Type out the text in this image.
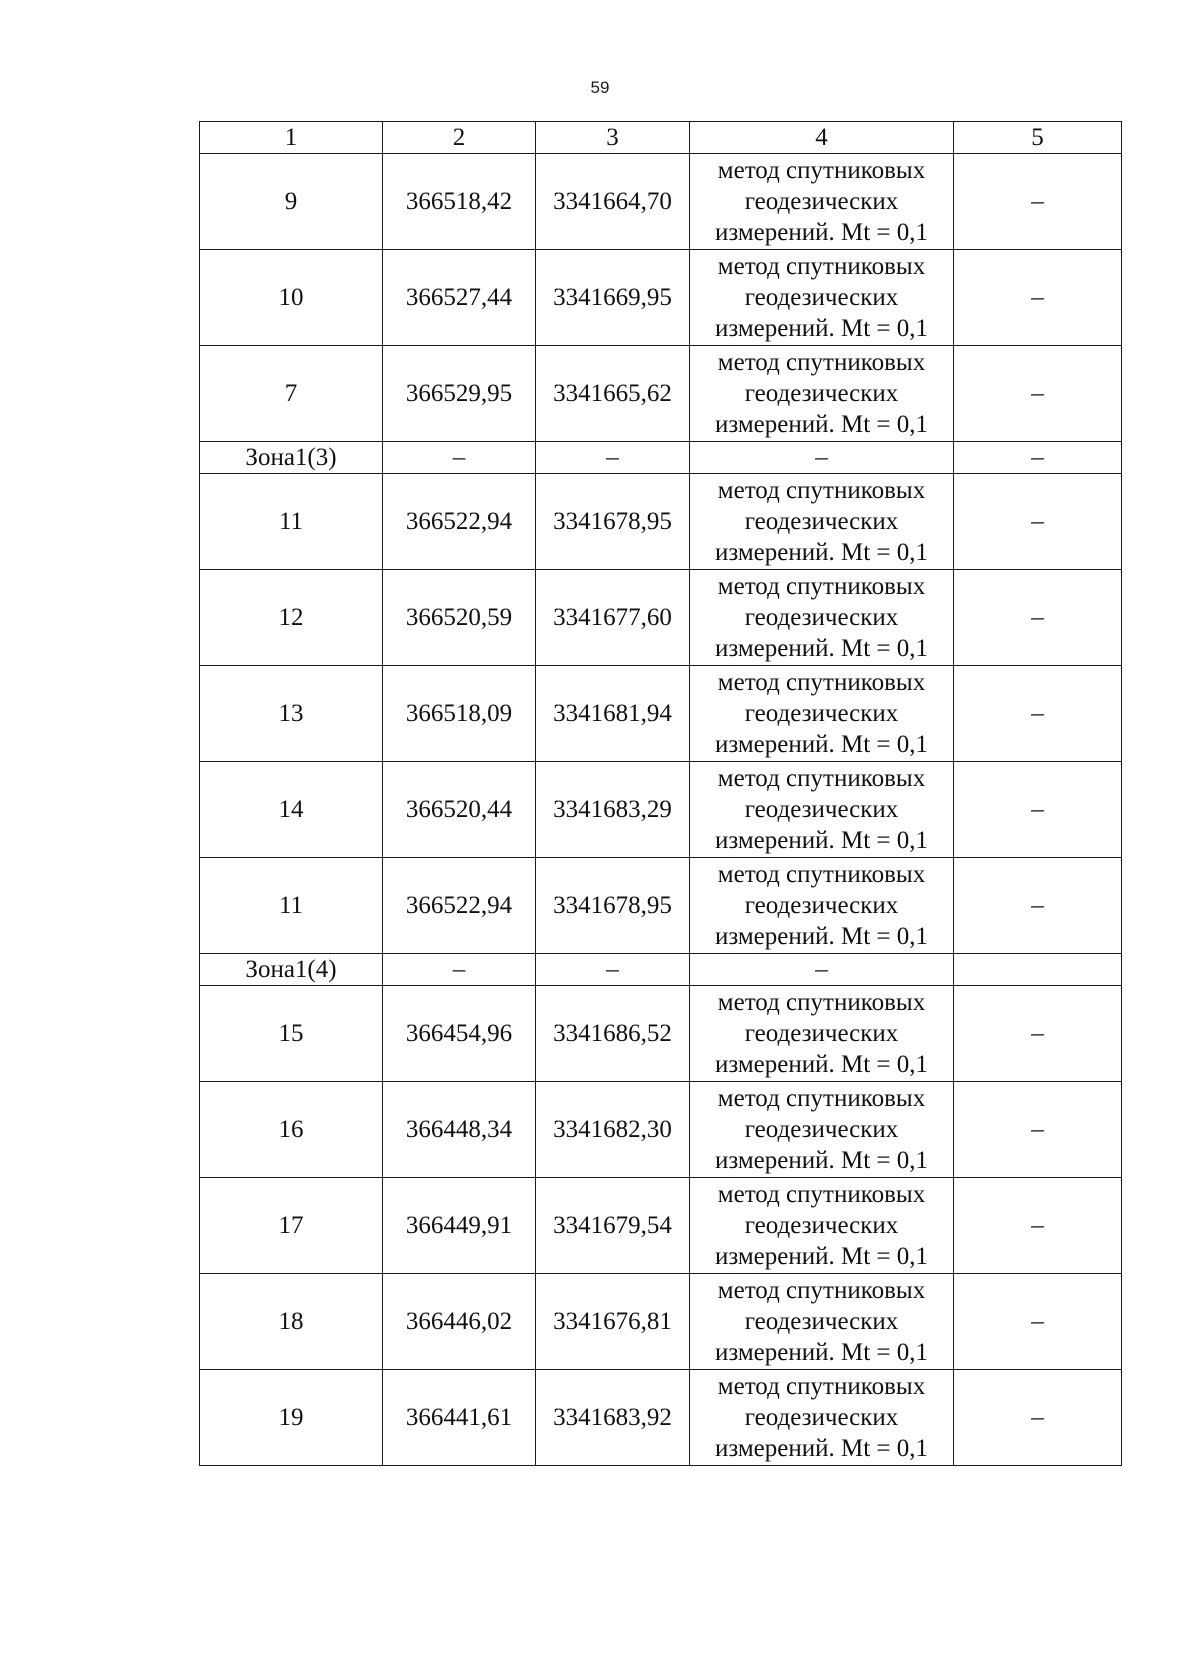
59
1	2	3	4	5
9	366518,42	3341664,70	метод спутниковых
геодезических
измерений. Mt = 0,1	–
10	366527,44	3341669,95	метод спутниковых
геодезических
измерений. Mt = 0,1	–
7	366529,95	3341665,62	метод спутниковых
геодезических
измерений. Mt = 0,1	–
Зона1(3)	–	–	–	–
11	366522,94	3341678,95	метод спутниковых
геодезических
измерений. Mt = 0,1	–
12	366520,59	3341677,60	метод спутниковых
геодезических
измерений. Mt = 0,1	–
13	366518,09	3341681,94	метод спутниковых
геодезических
измерений. Mt = 0,1	–
14	366520,44	3341683,29	метод спутниковых
геодезических
измерений. Mt = 0,1	–
11	366522,94	3341678,95	метод спутниковых
геодезических
измерений. Mt = 0,1	–
Зона1(4)	–	–	–	
15	366454,96	3341686,52	метод спутниковых
геодезических
измерений. Mt = 0,1	–
16	366448,34	3341682,30	метод спутниковых
геодезических
измерений. Mt = 0,1	–
17	366449,91	3341679,54	метод спутниковых
геодезических
измерений. Mt = 0,1	–
18	366446,02	3341676,81	метод спутниковых
геодезических
измерений. Mt = 0,1	–
19	366441,61	3341683,92	метод спутниковых
геодезических
измерений. Mt = 0,1	–
